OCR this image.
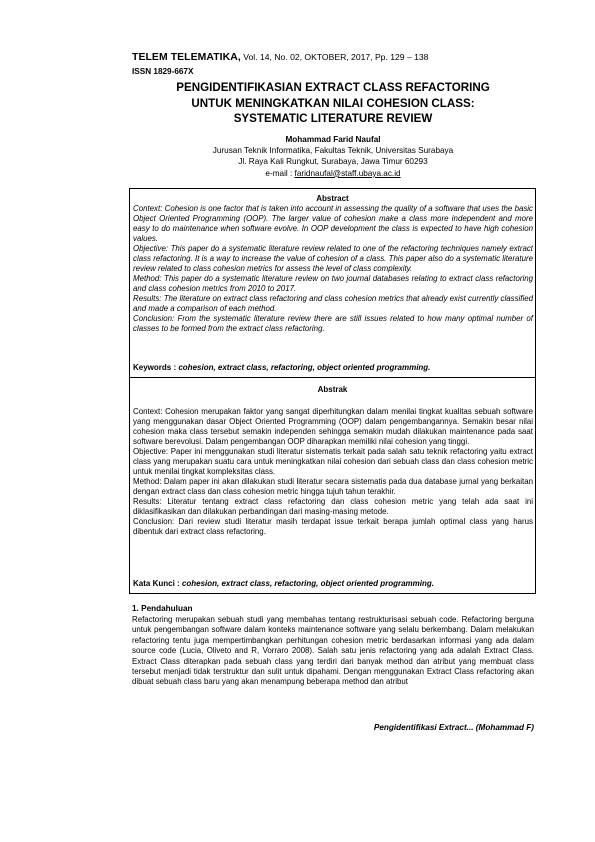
TELEM TELEMATIKA, Vol. 14, No. 02, OKTOBER, 2017, Pp. 129 – 138
ISSN 1829-667X
PENGIDENTIFIKASIAN EXTRACT CLASS REFACTORING
UNTUK MENINGKATKAN NILAI COHESION CLASS:
SYSTEMATIC LITERATURE REVIEW
Mohammad Farid Naufal
Jurusan Teknik Informatika, Fakultas Teknik, Universitas Surabaya
Jl. Raya Kali Rungkut, Surabaya, Jawa Timur 60293
e-mail : faridnaufal@staff.ubaya.ac.id
Abstract

Context: Cohesion is one factor that is taken into account in assessing the quality of a software that uses the basic Object Oriented Programming (OOP). The larger value of cohesion make a class more independent and more easy to do maintenance when software evolve. In OOP development the class is expected to have high cohesion values.

Objective: This paper do a systematic literature review related to one of the refactoring techniques namely extract class refactoring. It is a way to increase the value of cohesion of a class. This paper also do a systematic literature review related to class cohesion metrics for assess the level of class complexity.

Method: This paper do a systematic literature review on two journal databases relating to extract class refactoring and class cohesion metrics from 2010 to 2017.

Results: The literature on extract class refactoring and class cohesion metrics that already exist currently classified and made a comparison of each method.

Conclusion: From the systematic literature review there are still issues related to how many optimal number of classes to be formed from the extract class refactoring.

Keywords : cohesion, extract class, refactoring, object oriented programming.
Abstrak

Context: Cohesion merupakan faktor yang sangat diperhitungkan dalam menilai tingkat kualitas sebuah software yang menggunakan dasar Object Oriented Programming (OOP) dalam pengembangannya. Semakin besar nilai cohesion maka class tersebut semakin independen sehingga semakin mudah dilakukan maintenance pada saat software berevolusi. Dalam pengembangan OOP diharapkan memiliki nilai cohesion yang tinggi.

Objective: Paper ini menggunakan studi literatur sistematis terkait pada salah satu teknik refactoring yaitu extract class yang merupakan suatu cara untuk meningkatkan nilai cohesion dari sebuah class dan class cohesion metric untuk menilai tingkat kompleksitas class.

Method: Dalam paper ini akan dilakukan studi literatur secara sistematis pada dua database jurnal yang berkaitan dengan extract class dan class cohesion metric hingga tujuh tahun terakhir.

Results: Literatur tentang extract class refactoring dan class cohesion metric yang telah ada saat ini diklasifikasikan dan dilakukan perbandingan dari masing-masing metode.

Conclusion: Dari review studi literatur masih terdapat issue terkait berapa jumlah optimal class yang harus dibentuk dari extract class refactoring.

Kata Kunci : cohesion, extract class, refactoring, object oriented programming.
1. Pendahuluan

Refactoring merupakan sebuah studi yang membahas tentang restrukturisasi sebuah code. Refactoring berguna untuk pengembangan software dalam konteks maintenance software yang selalu berkembang. Dalam melakukan refactoring tentu juga mempertimbangkan perhitungan cohesion metric berdasarkan informasi yang ada dalam source code (Lucia, Oliveto and R, Vorraro 2008). Salah satu jenis refactoring yang ada adalah Extract Class. Extract Class diterapkan pada sebuah class yang terdiri dari banyak method dan atribut yang membuat class tersebut menjadi tidak terstruktur dan sulit untuk dipahami. Dengan menggunakan Extract Class refactoring akan dibuat sebuah class baru yang akan menampung beberapa method dan atribut

Pengidentifikasi Extract... (Mohammad F)
